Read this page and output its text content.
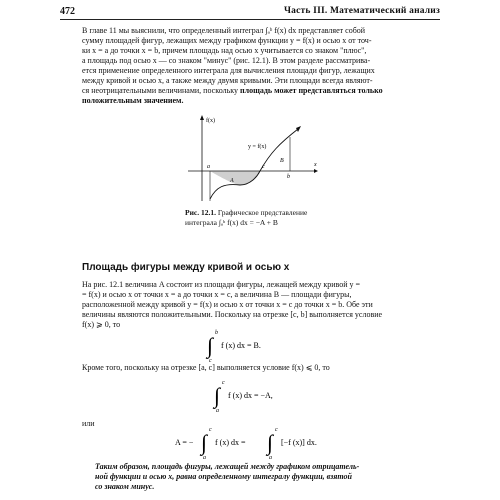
472	Часть III. Математический анализ
В главе 11 мы выяснили, что определенный интеграл ∫ₐᵇ f(x) dx представляет собой
сумму площадей фигур, лежащих между графиком функции y = f(x) и осью x от точ-
ки x = a до точки x = b, причем площадь над осью x учитывается со знаком "плюс",
а площадь под осью x — со знаком "минус" (рис. 12.1). В этом разделе рассматрива-
ется применение определенного интеграла для вычисления площади фигур, лежащих
между кривой и осью x, а также между двумя кривыми. Эти площади всегда являют-
ся неотрицательными величинами, поскольку площадь может представляться только
положительным значением.
f(x)
x
y = f(x)
A
B
a	c
b
Рис. 12.1. Графическое представление
интеграла ∫ₐᵇ f(x) dx = −A + B
Площадь фигуры между кривой и осью x
На рис. 12.1 величина A состоит из площади фигуры, лежащей между кривой y =
= f(x) и осью x от точки x = a до точки x = c, а величина B — площади фигуры,
расположенной между кривой y = f(x) и осью x от точки x = c до точки x = b. Обе эти
величины являются положительными. Поскольку на отрезке [c, b] выполняется условие
f(x) ⩾ 0, то
∫ b
c
f (x) dx = B.
Кроме того, поскольку на отрезке [a, c] выполняется условие f(x) ⩽ 0, то
∫ c
a
f (x) dx = −A,
или
A = − ∫ c
a
f (x) dx = ∫ c
a
[−f (x)] dx.
Таким образом, площадь фигуры, лежащей между графиком отрицатель-
ной функции и осью x, равна определенному интегралу функции, взятой
со знаком минус.
